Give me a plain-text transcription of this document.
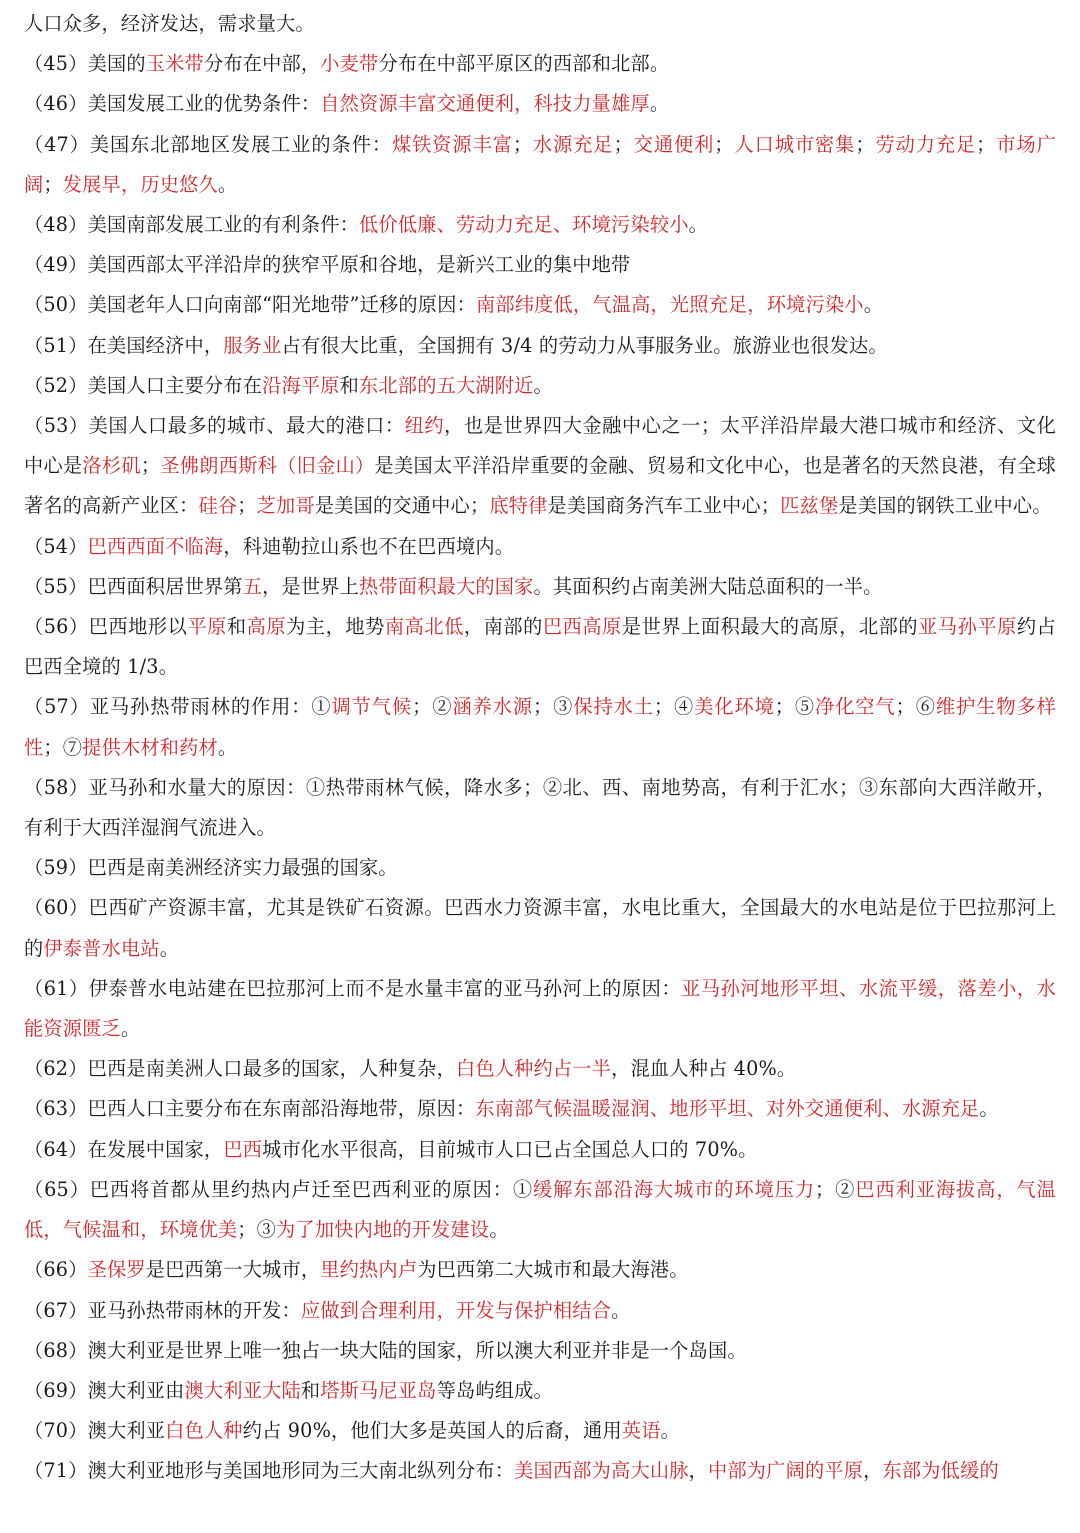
人口众多，经济发达，需求量大。

（45）美国的玉米带分布在中部，小麦带分布在中部平原区的西部和北部。

（46）美国发展工业的优势条件：自然资源丰富交通便利，科技力量雄厚。

（47）美国东北部地区发展工业的条件：煤铁资源丰富；水源充足；交通便利；人口城市密集；劳动力充足；市场广阔；发展早，历史悠久。

（48）美国南部发展工业的有利条件：低价低廉、劳动力充足、环境污染较小。

（49）美国西部太平洋沿岸的狭窄平原和谷地，是新兴工业的集中地带

（50）美国老年人口向南部“阳光地带”迁移的原因：南部纬度低，气温高，光照充足，环境污染小。

（51）在美国经济中，服务业占有很大比重，全国拥有 3/4 的劳动力从事服务业。旅游业也很发达。

（52）美国人口主要分布在沿海平原和东北部的五大湖附近。

（53）美国人口最多的城市、最大的港口：纽约，也是世界四大金融中心之一；太平洋沿岸最大港口城市和经济、文化中心是洛杉矶；圣佛朗西斯科（旧金山）是美国太平洋沿岸重要的金融、贸易和文化中心，也是著名的天然良港，有全球著名的高新产业区：硅谷；芝加哥是美国的交通中心；底特律是美国商务汽车工业中心；匹兹堡是美国的钢铁工业中心。

（54）巴西西面不临海，科迪勒拉山系也不在巴西境内。

（55）巴西面积居世界第五，是世界上热带面积最大的国家。其面积约占南美洲大陆总面积的一半。

（56）巴西地形以平原和高原为主，地势南高北低，南部的巴西高原是世界上面积最大的高原，北部的亚马孙平原约占巴西全境的 1/3。

（57）亚马孙热带雨林的作用：①调节气候；②涵养水源；③保持水土；④美化环境；⑤净化空气；⑥维护生物多样性；⑦提供木材和药材。

（58）亚马孙和水量大的原因：①热带雨林气候，降水多；②北、西、南地势高，有利于汇水；③东部向大西洋敞开，有利于大西洋湿润气流进入。

（59）巴西是南美洲经济实力最强的国家。

（60）巴西矿产资源丰富，尤其是铁矿石资源。巴西水力资源丰富，水电比重大，全国最大的水电站是位于巴拉那河上的伊泰普水电站。

（61）伊泰普水电站建在巴拉那河上而不是水量丰富的亚马孙河上的原因：亚马孙河地形平坦、水流平缓，落差小，水能资源匮乏。

（62）巴西是南美洲人口最多的国家，人种复杂，白色人种约占一半，混血人种占 40%。

（63）巴西人口主要分布在东南部沿海地带，原因：东南部气候温暖湿润、地形平坦、对外交通便利、水源充足。

（64）在发展中国家，巴西城市化水平很高，目前城市人口已占全国总人口的 70%。

（65）巴西将首都从里约热内卢迁至巴西利亚的原因：①缓解东部沿海大城市的环境压力；②巴西利亚海拔高，气温低，气候温和，环境优美；③为了加快内地的开发建设。

（66）圣保罗是巴西第一大城市，里约热内卢为巴西第二大城市和最大海港。

（67）亚马孙热带雨林的开发：应做到合理利用，开发与保护相结合。

（68）澳大利亚是世界上唯一独占一块大陆的国家，所以澳大利亚并非是一个岛国。

（69）澳大利亚由澳大利亚大陆和塔斯马尼亚岛等岛屿组成。

（70）澳大利亚白色人种约占 90%，他们大多是英国人的后裔，通用英语。

（71）澳大利亚地形与美国地形同为三大南北纵列分布：美国西部为高大山脉，中部为广阔的平原，东部为低缓的
